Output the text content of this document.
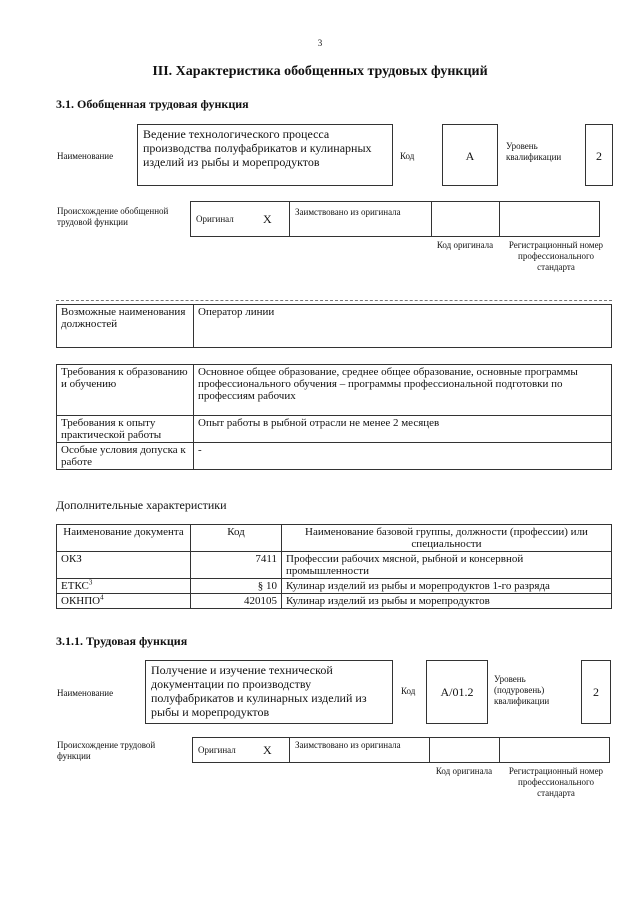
3
III. Характеристика обобщенных трудовых функций
3.1. Обобщенная трудовая функция
Наименование
Ведение технологического процесса производства полуфабрикатов и кулинарных изделий из рыбы и морепродуктов	Код	A
Уровень квалификации	2
Происхождение обобщенной трудовой функции	Оригинал X	Заимствовано из оригинала
Код оригинала	Регистрационный номер профессионального стандарта
Возможные наименования должностей	Оператор линии
Требования к образованию и обучению	Основное общее образование, среднее общее образование, основные программы профессионального обучения – программы профессиональной подготовки по профессиям рабочих
Требования к опыту практической работы	Опыт работы в рыбной отрасли не менее 2 месяцев
Особые условия допуска к работе	-
Дополнительные характеристики
Наименование документа	Код	Наименование базовой группы, должности (профессии) или специальности
ОКЗ	7411	Профессии рабочих мясной, рыбной и консервной промышленности
ЕТКС$^3$	§ 10	Кулинар изделий из рыбы и морепродуктов 1-го разряда
ОКНПО$^4$	420105	Кулинар изделий из рыбы и морепродуктов
3.1.1. Трудовая функция
Наименование
Получение и изучение технической документации по производству полуфабрикатов и кулинарных изделий из рыбы и морепродуктов
Код	A/01.2
Уровень (подуровень) квалификации
2
Происхождение трудовой функции
Оригинал X	Заимствовано из оригинала
Код оригинала	Регистрационный номер профессионального стандарта
